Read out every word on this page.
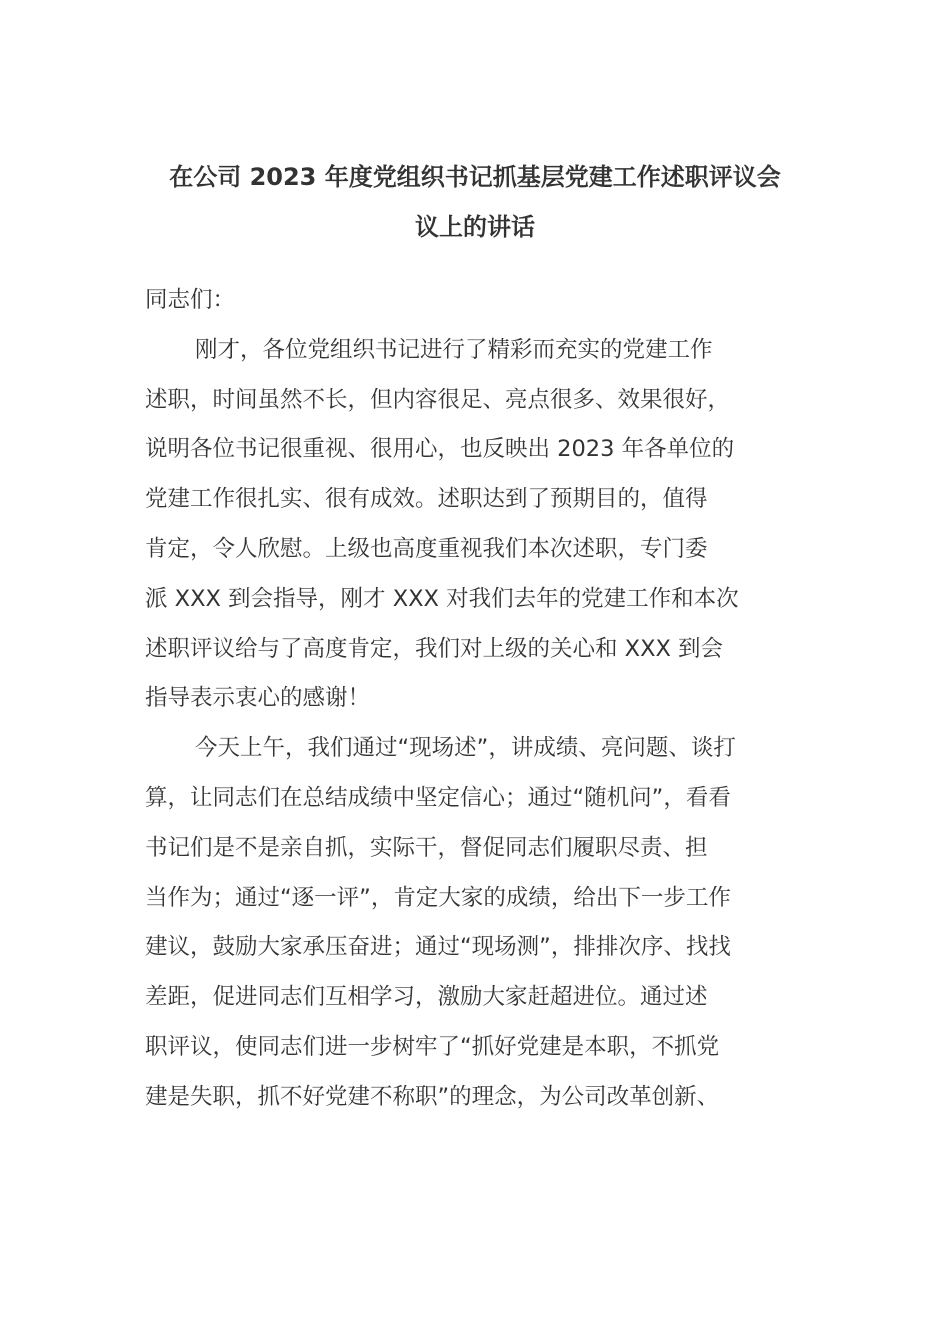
在公司 2023 年度党组织书记抓基层党建工作述职评议会
议上的讲话
同志们：
刚才，各位党组织书记进行了精彩而充实的党建工作
述职，时间虽然不长，但内容很足、亮点很多、效果很好，
说明各位书记很重视、很用心，也反映出 2023 年各单位的
党建工作很扎实、很有成效。述职达到了预期目的，值得
肯定，令人欣慰。上级也高度重视我们本次述职，专门委
派 XXX 到会指导，刚才 XXX 对我们去年的党建工作和本次
述职评议给与了高度肯定，我们对上级的关心和 XXX 到会
指导表示衷心的感谢！
今天上午，我们通过“现场述”，讲成绩、亮问题、谈打
算，让同志们在总结成绩中坚定信心；通过“随机问”，看看
书记们是不是亲自抓，实际干，督促同志们履职尽责、担
当作为；通过“逐一评”，肯定大家的成绩，给出下一步工作
建议，鼓励大家承压奋进；通过“现场测”，排排次序、找找
差距，促进同志们互相学习，激励大家赶超进位。通过述
职评议，使同志们进一步树牢了“抓好党建是本职，不抓党
建是失职，抓不好党建不称职”的理念，为公司改革创新、
